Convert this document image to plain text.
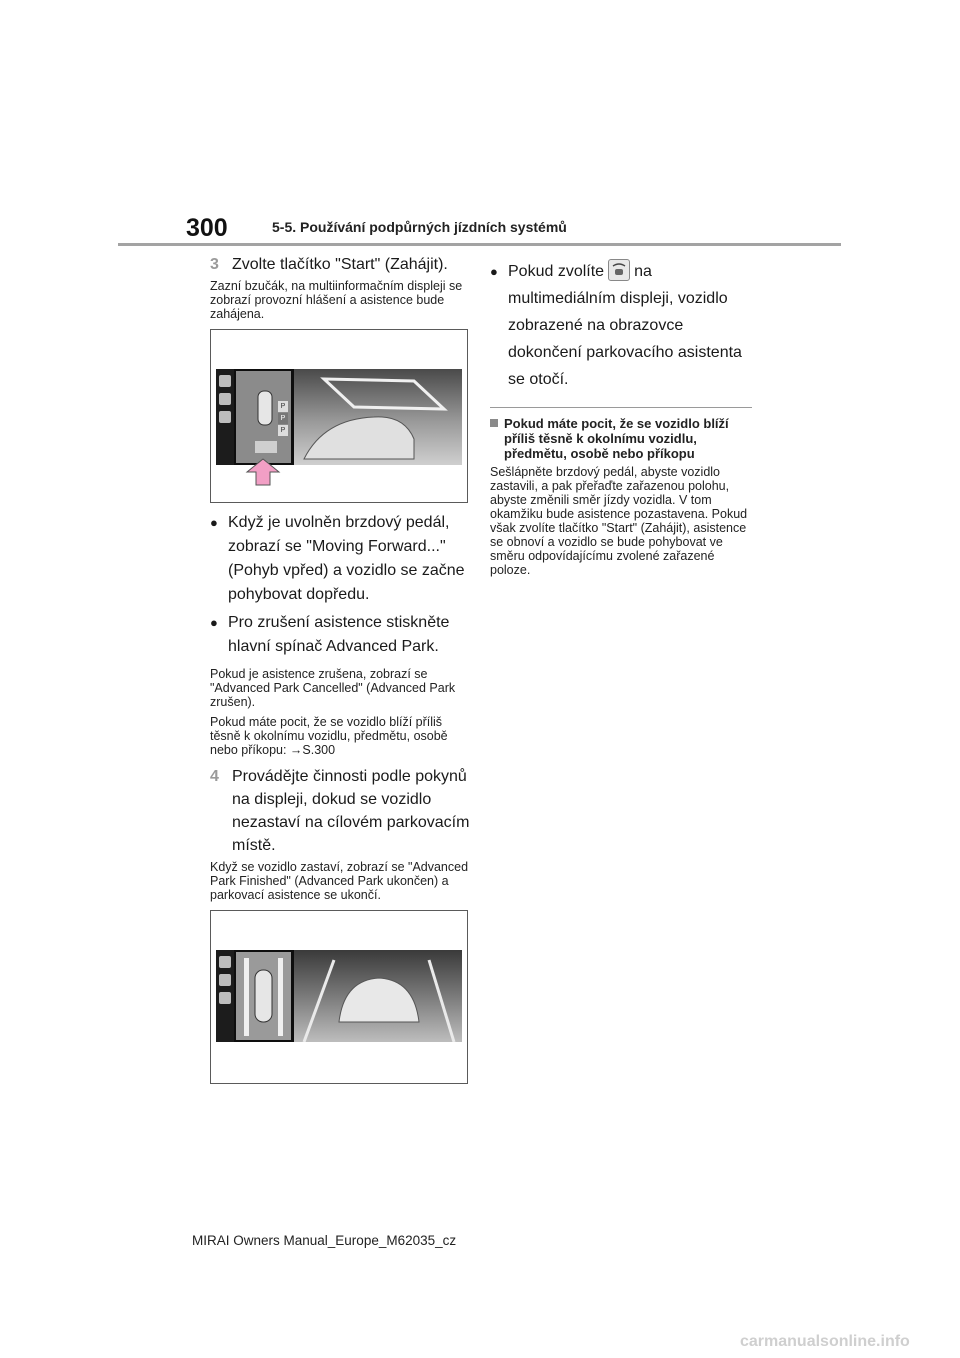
300	5-5. Používání podpůrných jízdních systémů
3 Zvolte tlačítko "Start" (Zahájit).
Zazní bzučák, na multiinformačním displeji se zobrazí provozní hlášení a asistence bude zahájena.
P
P
P
● Když je uvolněn brzdový pedál, zobrazí se "Moving Forward..." (Pohyb vpřed) a vozidlo se začne pohybovat dopředu.
● Pro zrušení asistence stiskněte hlavní spínač Advanced Park.
Pokud je asistence zrušena, zobrazí se "Advanced Park Cancelled" (Advanced Park zrušen).
Pokud máte pocit, že se vozidlo blíží příliš těsně k okolnímu vozidlu, předmětu, osobě nebo příkopu: →S.300
4 Provádějte činnosti podle pokynů na displeji, dokud se vozidlo nezastaví na cílovém parkovacím místě.
Když se vozidlo zastaví, zobrazí se "Advanced Park Finished" (Advanced Park ukončen) a parkovací asistence se ukončí.
● Pokud zvolíte na multimediálním displeji, vozidlo zobrazené na obrazovce dokončení parkovacího asistenta se otočí.
Pokud máte pocit, že se vozidlo blíží příliš těsně k okolnímu vozidlu, předmětu, osobě nebo příkopu
Sešlápněte brzdový pedál, abyste vozidlo zastavili, a pak přeřaďte zařazenou polohu, abyste změnili směr jízdy vozidla. V tom okamžiku bude asistence pozastavena. Pokud však zvolíte tlačítko "Start" (Zahájit), asistence se obnoví a vozidlo se bude pohybovat ve směru odpovídajícímu zvolené zařazené poloze.
MIRAI Owners Manual_Europe_M62035_cz
carmanualsonline.info
